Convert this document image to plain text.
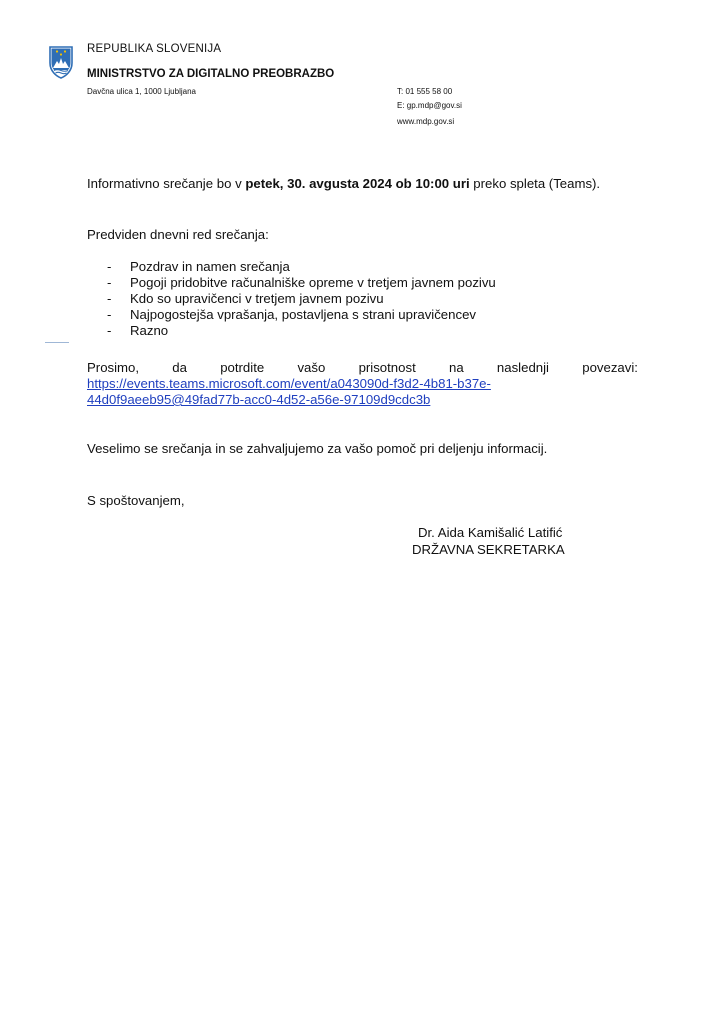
REPUBLIKA SLOVENIJA
MINISTRSTVO ZA DIGITALNO PREOBRAZBO
Davčna ulica 1, 1000 Ljubljana	T: 01 555 58 00
E: gp.mdp@gov.si
www.mdp.gov.si
Informativno srečanje bo v petek, 30. avgusta 2024 ob 10:00 uri preko spleta (Teams).
Predviden dnevni red srečanja:
- Pozdrav in namen srečanja
- Pogoji pridobitve računalniške opreme v tretjem javnem pozivu
- Kdo so upravičenci v tretjem javnem pozivu
- Najpogostejša vprašanja, postavljena s strani upravičencev
- Razno
Prosimo,	da	potrdite	vašo	prisotnost	na	naslednji	povezavi:
https://events.teams.microsoft.com/event/a043090d-f3d2-4b81-b37e-
44d0f9aeeb95@49fad77b-acc0-4d52-a56e-97109d9cdc3b
Veselimo se srečanja in se zahvaljujemo za vašo pomoč pri deljenju informacij.
S spoštovanjem,
Dr. Aida Kamišalić Latifić
DRŽAVNA SEKRETARKA
